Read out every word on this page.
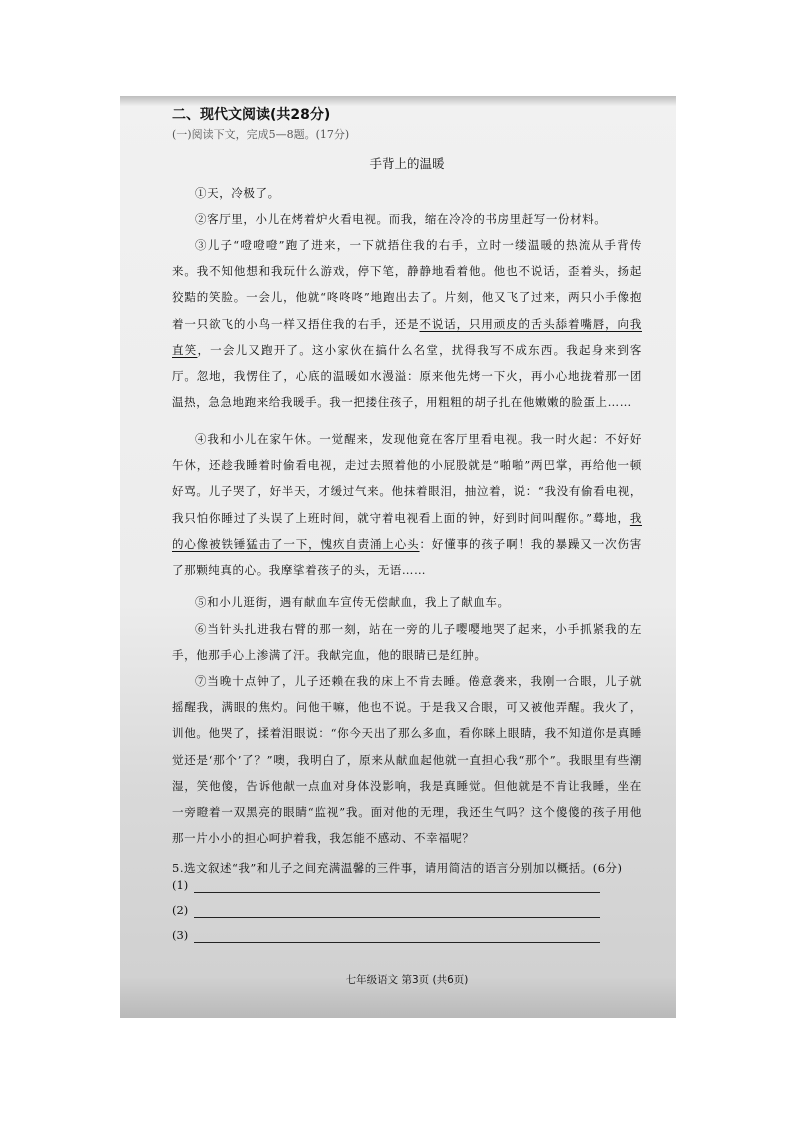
二、现代文阅读(共28分)
(一)阅读下文，完成5—8题。(17分)
手背上的温暖
①天，冷极了。
②客厅里，小儿在烤着炉火看电视。而我，缩在冷冷的书房里赶写一份材料。
③儿子“噔噔噔”跑了进来，一下就捂住我的右手，立时一缕温暖的热流从手背传来。我不知他想和我玩什么游戏，停下笔，静静地看着他。他也不说话，歪着头，扬起狡黠的笑脸。一会儿，他就“咚咚咚”地跑出去了。片刻，他又飞了过来，两只小手像抱着一只欲飞的小鸟一样又捂住我的右手，还是不说话，只用顽皮的舌头舔着嘴唇，向我直笑，一会儿又跑开了。这小家伙在搞什么名堂，扰得我写不成东西。我起身来到客厅。忽地，我愣住了，心底的温暖如水漫溢：原来他先烤一下火，再小心地拢着那一团温热，急急地跑来给我暖手。我一把搂住孩子，用粗粗的胡子扎在他嫩嫩的脸蛋上……
④我和小儿在家午休。一觉醒来，发现他竟在客厅里看电视。我一时火起：不好好午休，还趁我睡着时偷看电视，走过去照着他的小屁股就是“啪啪”两巴掌，再给他一顿好骂。儿子哭了，好半天，才缓过气来。他抹着眼泪，抽泣着，说：“我没有偷看电视，我只怕你睡过了头误了上班时间，就守着电视看上面的钟，好到时间叫醒你。”蓦地，我的心像被铁锤猛击了一下，愧疚自责涌上心头：好懂事的孩子啊！我的暴躁又一次伤害了那颗纯真的心。我摩挲着孩子的头，无语……
⑤和小儿逛街，遇有献血车宣传无偿献血，我上了献血车。
⑥当针头扎进我右臂的那一刻，站在一旁的儿子嘤嘤地哭了起来，小手抓紧我的左手，他那手心上渗满了汗。我献完血，他的眼睛已是红肿。
⑦当晚十点钟了，儿子还赖在我的床上不肯去睡。倦意袭来，我刚一合眼，儿子就摇醒我，满眼的焦灼。问他干嘛，他也不说。于是我又合眼，可又被他弄醒。我火了，训他。他哭了，揉着泪眼说：“你今天出了那么多血，看你眯上眼睛，我不知道你是真睡觉还是‘那个’了？”噢，我明白了，原来从献血起他就一直担心我“那个”。我眼里有些潮湿，笑他傻，告诉他献一点血对身体没影响，我是真睡觉。但他就是不肯让我睡，坐在一旁瞪着一双黑亮的眼睛“监视”我。面对他的无理，我还生气吗？这个傻傻的孩子用他那一片小小的担心呵护着我，我怎能不感动、不幸福呢？
5.选文叙述“我”和儿子之间充满温馨的三件事，请用简洁的语言分别加以概括。(6分)
(1)
(2)
(3)
七年级语文 第3页 (共6页)
